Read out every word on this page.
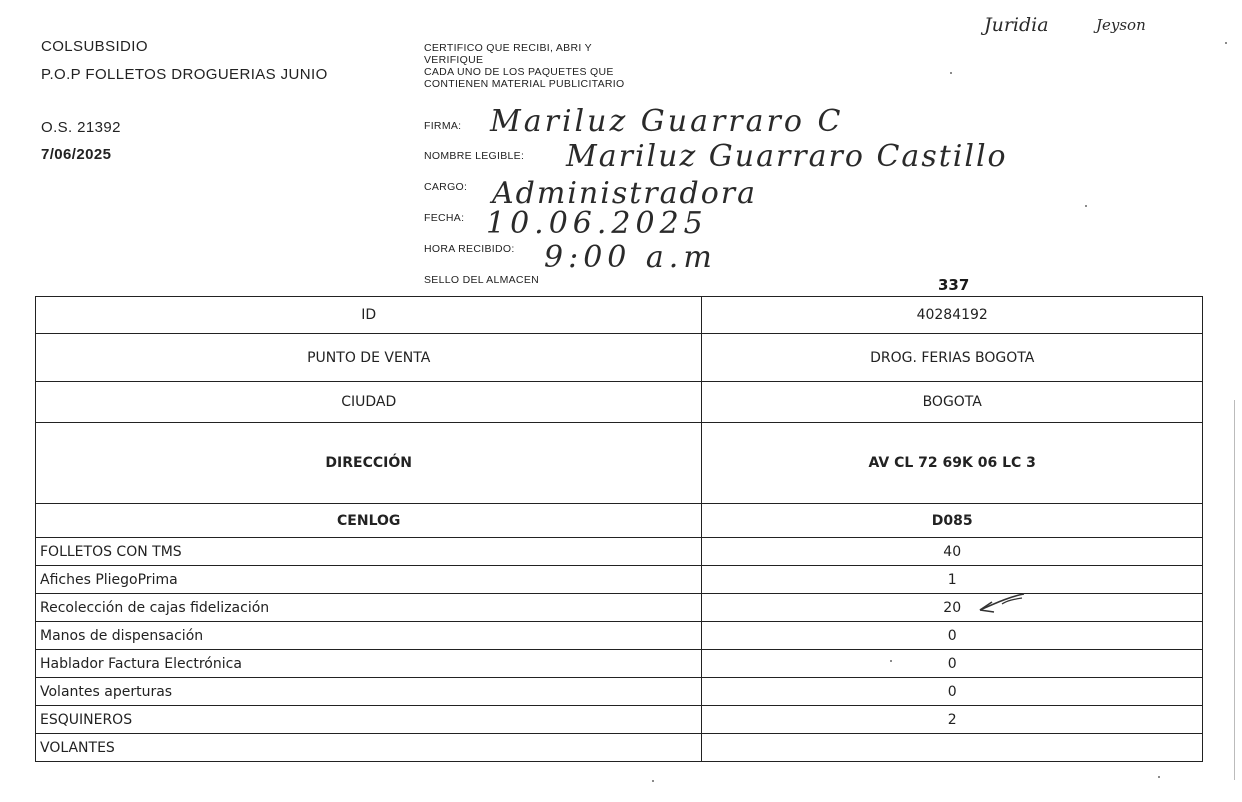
COLSUBSIDIO
P.O.P FOLLETOS DROGUERIAS JUNIO
O.S. 21392
7/06/2025
CERTIFICO QUE RECIBI, ABRI Y
VERIFIQUE
CADA UNO DE LOS PAQUETES QUE
CONTIENEN MATERIAL PUBLICITARIO
FIRMA: Mariluz Guarraro C
NOMBRE LEGIBLE: Mariluz Guarraro Castillo
CARGO: Administradora
FECHA: 10.06.2025
HORA RECIBIDO: 9:00 a.m
SELLO DEL ALMACEN	337
Juridia	Jeyson
ID	40284192
PUNTO DE VENTA	DROG. FERIAS BOGOTA
CIUDAD	BOGOTA
DIRECCIÓN	AV CL 72 69K 06 LC 3
CENLOG	D085
FOLLETOS CON TMS	40
Afiches PliegoPrima	1
Recolección de cajas fidelización	20
Manos de dispensación	0
Hablador Factura Electrónica	0
Volantes aperturas	0
ESQUINEROS	2
VOLANTES	
